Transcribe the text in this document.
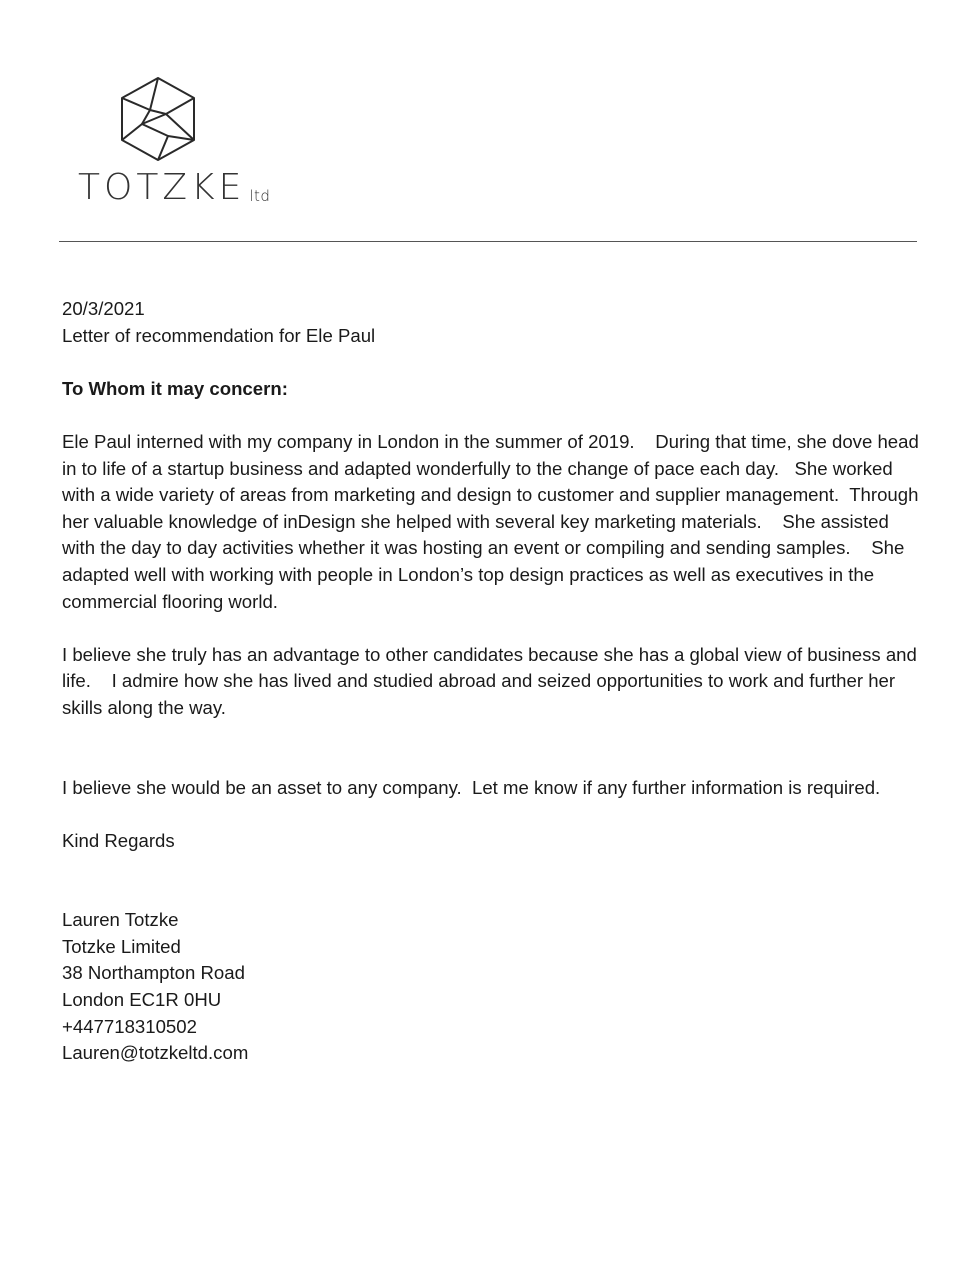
TOTZKE ltd

20/3/2021

Letter of recommendation for Ele Paul

To Whom it may concern:

Ele Paul interned with my company in London in the summer of 2019.    During that time, she dove head in to life of a startup business and adapted wonderfully to the change of pace each day.   She worked with a wide variety of areas from marketing and design to customer and supplier management.  Through her valuable knowledge of inDesign she helped with several key marketing materials.    She assisted with the day to day activities whether it was hosting an event or compiling and sending samples.    She adapted well with working with people in London’s top design practices as well as executives in the commercial flooring world.

I believe she truly has an advantage to other candidates because she has a global view of business and life.    I admire how she has lived and studied abroad and seized opportunities to work and further her skills along the way.

I believe she would be an asset to any company.  Let me know if any further information is required.

Kind Regards

Lauren Totzke

Totzke Limited

38 Northampton Road

London EC1R 0HU

+447718310502

Lauren@totzkeltd.com
